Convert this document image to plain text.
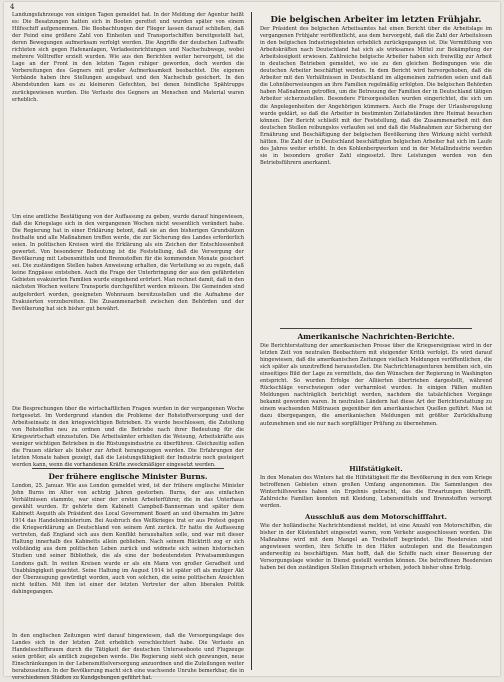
4

Landungsfahrzeuge von einigen Tagen gemeldet hat. In der Meldung der Agentur heißt es: Die Besatzungen hatten sich in Booten gerettet und wurden später von einem Hilfsschiff aufgenommen. Die Beobachtungen der Flieger lassen darauf schließen, daß der Feind eine größere Zahl von Einheiten und Transportschiffen bereitgestellt hat, deren Bewegungen aufmerksam verfolgt werden. Die Angriffe der deutschen Luftwaffe richteten sich gegen Hafenanlagen, Verladeeinrichtungen und Nachschubwege, wobei mehrere Volltreffer erzielt wurden. Wie aus den Berichten weiter hervorgeht, ist die Lage an der Front in den letzten Tagen ruhiger geworden, doch werden die Vorbereitungen des Gegners mit großer Aufmerksamkeit beobachtet. Die eigenen Verbände haben ihre Stellungen ausgebaut und den Nachschub gesichert. In den Abendstunden kam es zu kleineren Gefechten, bei denen feindliche Spähtrupps zurückgewiesen wurden. Die Verluste des Gegners an Menschen und Material waren erheblich.

Um eine amtliche Bestätigung von der Auffassung zu geben, wurde darauf hingewiesen, daß die Kriegslage sich in den vergangenen Wochen nicht wesentlich verändert habe. Die Regierung hat in einer Erklärung betont, daß sie an den bisherigen Grundsätzen festhalte und alle Maßnahmen treffen werde, die zur Sicherung des Landes erforderlich seien. In politischen Kreisen wird die Erklärung als ein Zeichen der Entschlossenheit gewertet. Von besonderer Bedeutung ist die Feststellung, daß die Versorgung der Bevölkerung mit Lebensmitteln und Brennstoffen für die kommenden Monate gesichert sei. Die zuständigen Stellen haben Anweisung erhalten, die Verteilung so zu regeln, daß keine Engpässe entstehen. Auch die Frage der Unterbringung der aus den gefährdeten Gebieten evakuierten Familien wurde eingehend erörtert. Man rechnet damit, daß in den nächsten Wochen weitere Transporte durchgeführt werden müssen. Die Gemeinden sind aufgefordert worden, geeigneten Wohnraum bereitzustellen und die Aufnahme der Evakuierten vorzubereiten. Die Zusammenarbeit zwischen den Behörden und der Bevölkerung hat sich bisher gut bewährt.

Die Besprechungen über die wirtschaftlichen Fragen wurden in der vergangenen Woche fortgesetzt. Im Vordergrund standen die Probleme der Rohstoffversorgung und der Arbeitseinsatz in den kriegswichtigen Betrieben. Es wurde beschlossen, die Zuteilung von Rohstoffen neu zu ordnen und die Betriebe nach ihrer Bedeutung für die Kriegswirtschaft einzustufen. Die Arbeitsämter erhielten die Weisung, Arbeitskräfte aus weniger wichtigen Betrieben in die Rüstungsindustrie zu überführen. Gleichzeitig sollen die Frauen stärker als bisher zur Arbeit herangezogen werden. Die Erfahrungen der letzten Monate haben gezeigt, daß die Leistungsfähigkeit der Industrie noch gesteigert werden kann, wenn die vorhandenen Kräfte zweckmäßiger eingesetzt werden.

Der frühere englische Minister Burns.

London, 25. Januar. Wie aus London gemeldet wird, ist der frühere englische Minister John Burns im Alter von achtzig Jahren gestorben. Burns, der aus einfachen Verhältnissen stammte, war einer der ersten Arbeiterführer, die in das Unterhaus gewählt wurden. Er gehörte dem Kabinett Campbell-Bannerman und später dem Kabinett Asquith als Präsident des Local Government Board an und übernahm im Jahre 1914 das Handelsministerium. Bei Ausbruch des Weltkrieges trat er aus Protest gegen die Kriegserklärung an Deutschland von seinem Amt zurück. Er hatte die Auffassung vertreten, daß England sich aus dem Konflikt heraushalten solle, und war mit dieser Haltung innerhalb des Kabinetts allein geblieben. Nach seinem Rücktritt zog er sich vollständig aus dem politischen Leben zurück und widmete sich seinen historischen Studien und seiner Bibliothek, die als eine der bedeutendsten Privatsammlungen Londons galt. In weiten Kreisen wurde er als ein Mann von großer Geradheit und Unabhängigkeit geachtet. Seine Haltung im August 1914 ist später oft als mutiger Akt der Überzeugung gewürdigt worden, auch von solchen, die seine politischen Ansichten nicht teilten. Mit ihm ist einer der letzten Vertreter der alten liberalen Politik dahingegangen.

In den englischen Zeitungen wird darauf hingewiesen, daß die Versorgungslage des Landes sich in der letzten Zeit erheblich verschlechtert habe. Die Verluste an Handelsschiffsraum durch die Tätigkeit der deutschen Unterseeboote und Flugzeuge seien größer, als amtlich zugegeben werde. Die Regierung sieht sich gezwungen, neue Einschränkungen in der Lebensmittelversorgung anzuordnen und die Zuteilungen weiter herabzusetzen. In der Bevölkerung macht sich eine wachsende Unruhe bemerkbar, die in verschiedenen Städten zu Kundgebungen geführt hat.

Die belgischen Arbeiter im letzten Frühjahr.

Der Präsident des belgischen Arbeitsamtes hat einen Bericht über die Arbeitslage im vergangenen Frühjahr veröffentlicht, aus dem hervorgeht, daß die Zahl der Arbeitslosen in den belgischen Industriegebieten erheblich zurückgegangen ist. Die Vermittlung von Arbeitskräften nach Deutschland hat sich als wirksames Mittel zur Bekämpfung der Arbeitslosigkeit erwiesen. Zahlreiche belgische Arbeiter haben sich freiwillig zur Arbeit in deutschen Betrieben gemeldet, wo sie zu den gleichen Bedingungen wie die deutschen Arbeiter beschäftigt werden. In dem Bericht wird hervorgehoben, daß die Arbeiter mit den Verhältnissen in Deutschland im allgemeinen zufrieden seien und daß die Lohnüberweisungen an ihre Familien regelmäßig erfolgten. Die belgischen Behörden haben Maßnahmen getroffen, um die Betreuung der Familien der in Deutschland tätigen Arbeiter sicherzustellen. Besondere Fürsorgestellen wurden eingerichtet, die sich um die Angelegenheiten der Angehörigen kümmern. Auch die Frage der Urlaubsregelung wurde geklärt, so daß die Arbeiter in bestimmten Zeitabständen ihre Heimat besuchen können. Der Bericht schließt mit der Feststellung, daß die Zusammenarbeit mit den deutschen Stellen reibungslos verlaufen sei und daß die Maßnahmen zur Sicherung der Ernährung und Beschäftigung der belgischen Bevölkerung ihre Wirkung nicht verfehlt hätten. Die Zahl der in Deutschland beschäftigten belgischen Arbeiter hat sich im Laufe des Jahres weiter erhöht. In den Kohlenbergwerken und in der Metallindustrie werden sie in besonders großer Zahl eingesetzt. Ihre Leistungen werden von den Betriebsführern anerkannt.

Amerikanische Nachrichten-Berichte.

Die Berichterstattung der amerikanischen Presse über die Kriegsereignisse wird in der letzten Zeit von neutralen Beobachtern mit steigender Kritik verfolgt. Es wird darauf hingewiesen, daß die amerikanischen Zeitungen vielfach Meldungen veröffentlichen, die sich später als unzutreffend herausstellen. Die Nachrichtenagenturen bemühen sich, ein einseitiges Bild der Lage zu vermitteln, das den Wünschen der Regierung in Washington entspricht. So wurden Erfolge der Alliierten übertrieben dargestellt, während Rückschläge verschwiegen oder verharmlost wurden. In einigen Fällen mußten Meldungen nachträglich berichtigt werden, nachdem die tatsächlichen Vorgänge bekannt geworden waren. In neutralen Ländern hat diese Art der Berichterstattung zu einem wachsenden Mißtrauen gegenüber den amerikanischen Quellen geführt. Man ist dazu übergegangen, die amerikanischen Meldungen mit größter Zurückhaltung aufzunehmen und sie nur nach sorgfältiger Prüfung zu übernehmen.

Hilfstätigkeit.

In den Monaten des Winters hat die Hilfstätigkeit für die Bevölkerung in den vom Kriege betroffenen Gebieten einen großen Umfang angenommen. Die Sammlungen des Winterhilfswerkes haben ein Ergebnis gebracht, das die Erwartungen übertrifft. Zahlreiche Familien konnten mit Kleidung, Lebensmitteln und Brennstoffen versorgt werden.

Ausschluß aus dem Motorschifffahrt.

Wie der holländische Nachrichtendienst meldet, ist eine Anzahl von Motorschiffen, die bisher in der Küstenfahrt eingesetzt waren, vom Verkehr ausgeschlossen worden. Die Maßnahme wird mit dem Mangel an Treibstoff begründet. Die Reedereien sind angewiesen worden, ihre Schiffe in den Häfen aufzulegen und die Besatzungen anderweitig zu beschäftigen. Man hofft, daß die Schiffe nach einer Besserung der Versorgungslage wieder in Dienst gestellt werden können. Die betroffenen Reedereien haben bei den zuständigen Stellen Einspruch erhoben, jedoch bisher ohne Erfolg.
